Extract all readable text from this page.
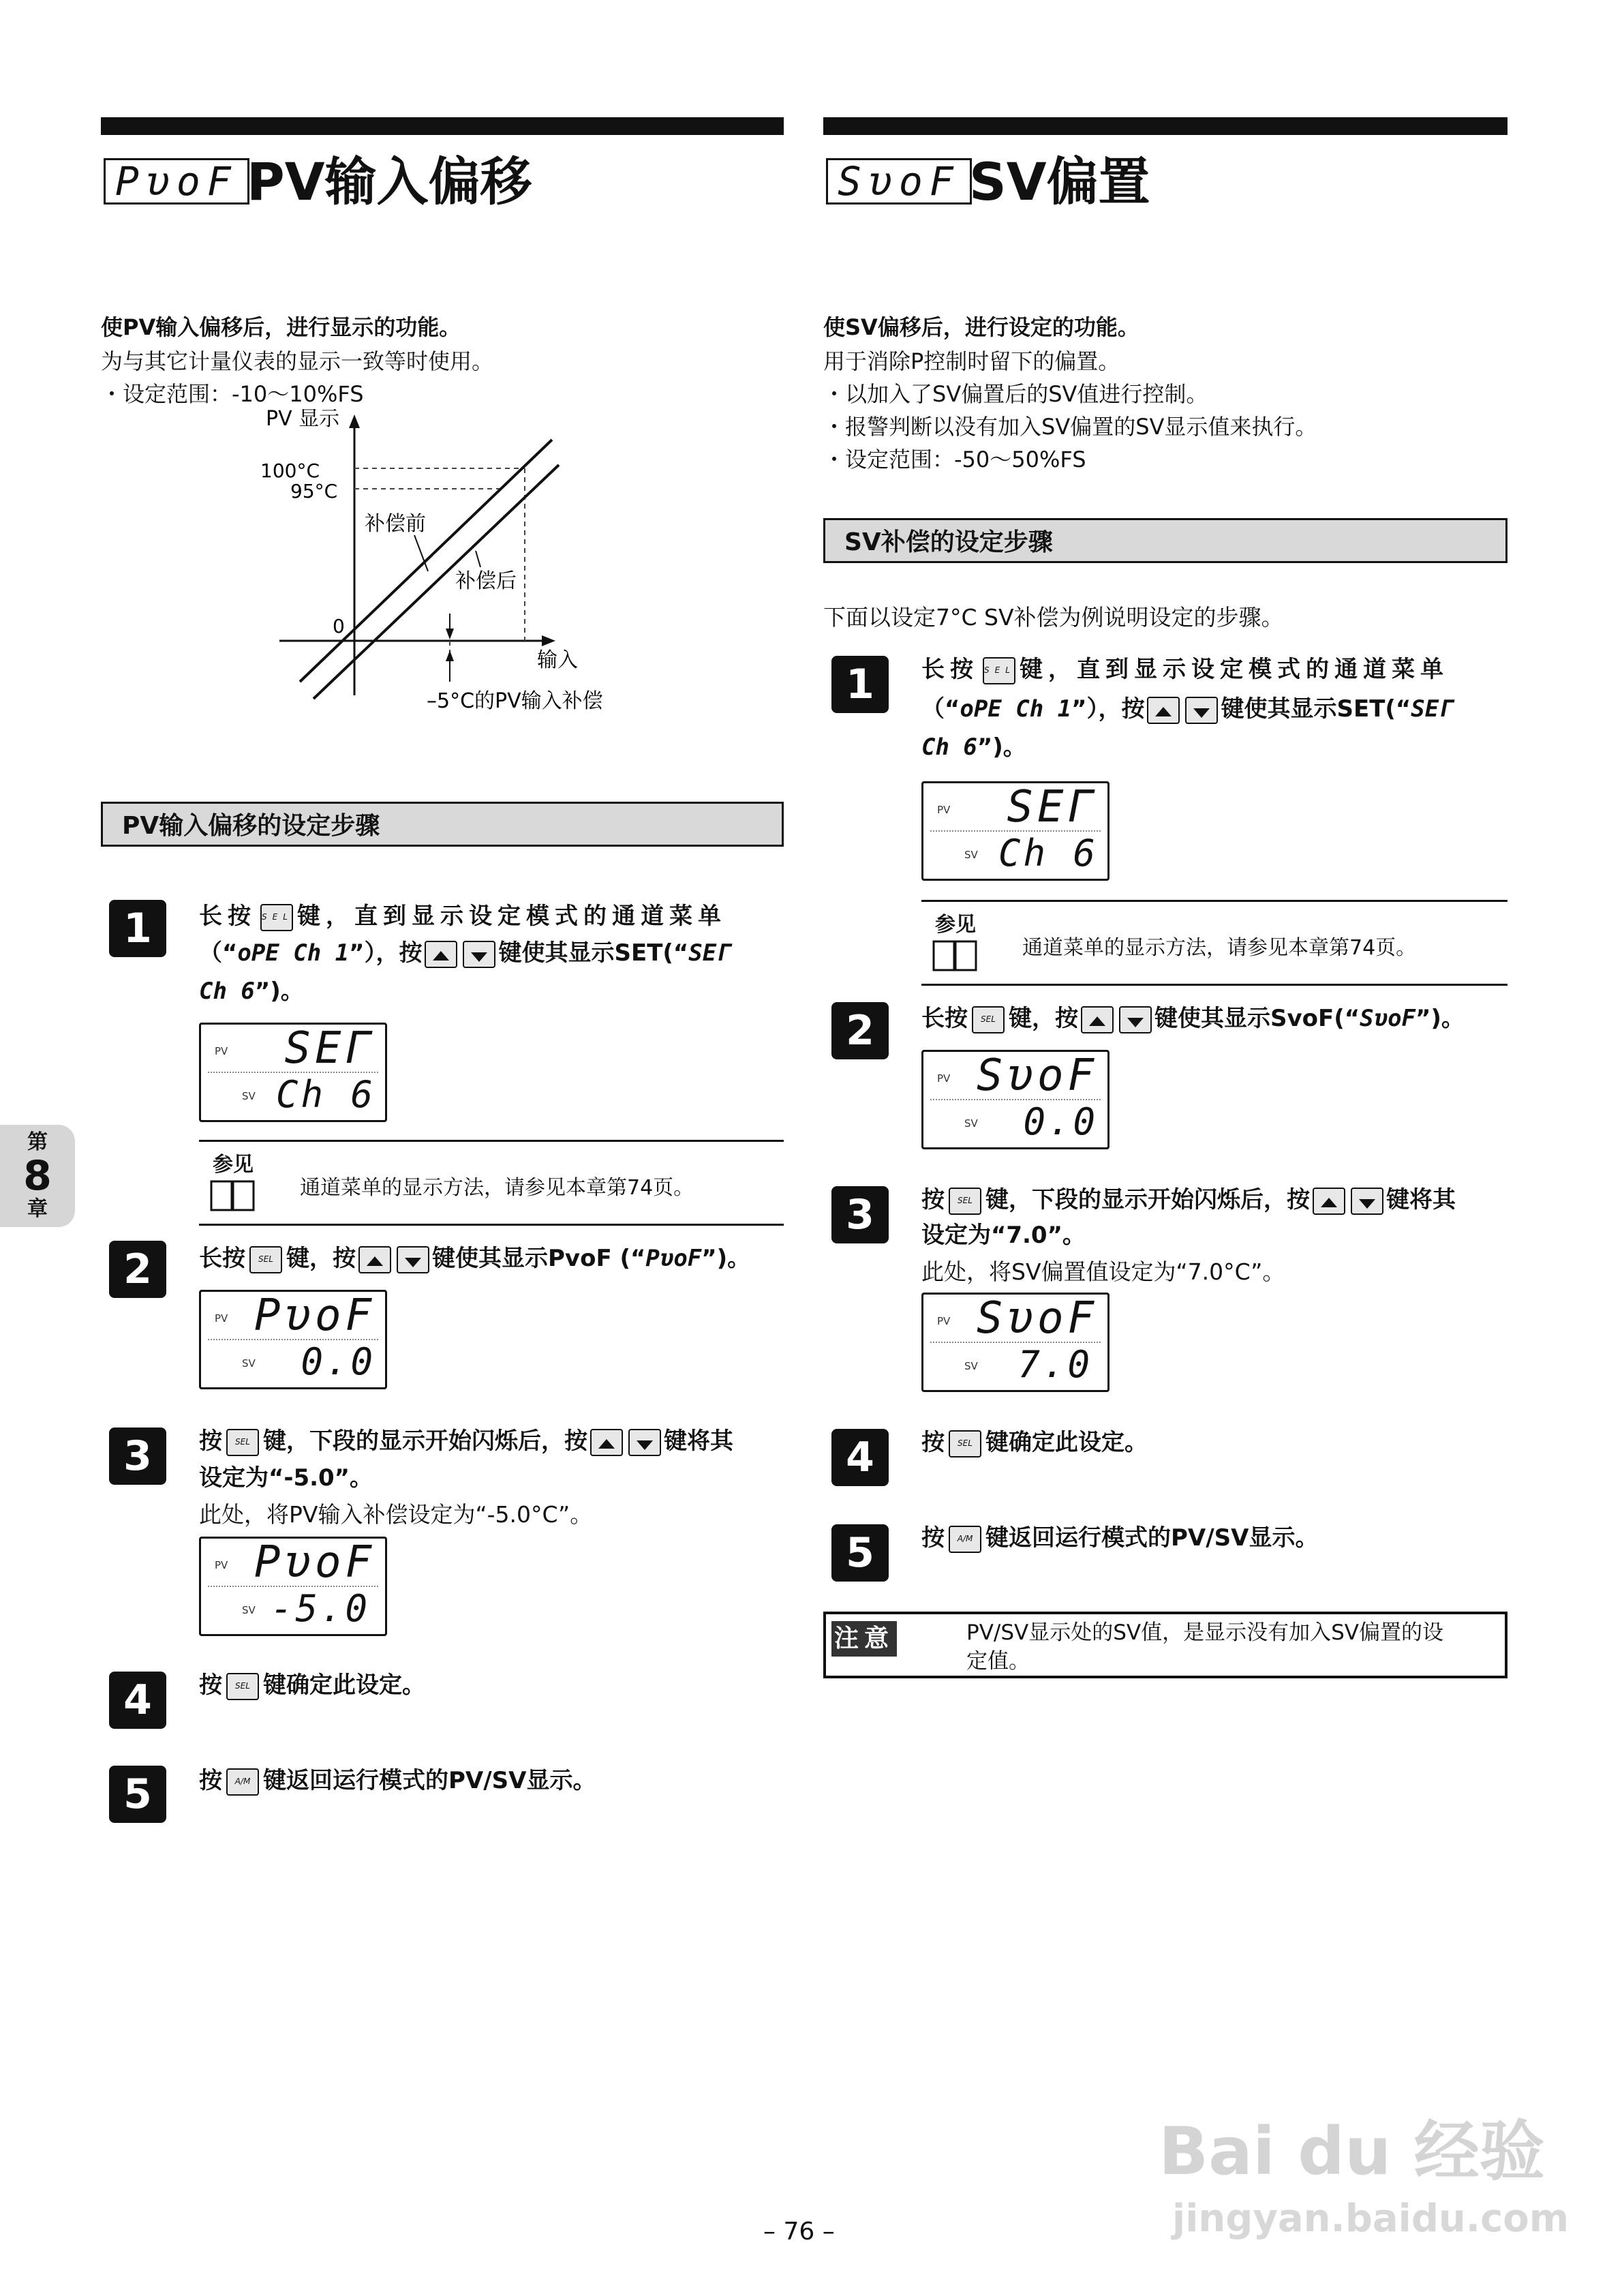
PυoF PV输入偏移
使PV输入偏移后，进行显示的功能。
为与其它计量仪表的显示一致等时使用。
・设定范围：-10～10%FS
PV 显示
100°C
95°C
0
补偿前
补偿后
输入
–5°C的PV输入补偿
PV输入偏移的设定步骤
1	长按 SEL 键，直到显示设定模式的通道菜单
（“oPE Ch 1”），按	键使其显示SET(“SEΓ
Ch 6”)。
PV
SV
SEΓ
Ch 6
参见
通道菜单的显示方法，请参见本章第74页。
2	长按 SEL 键，按	键使其显示PvoF (“PυoF”)。
PV
SV
PυoF
0.0
3	按 SEL 键，下段的显示开始闪烁后，按	键将其
设定为“-5.0”。
此处，将PV输入补偿设定为“-5.0°C”。
PV
SV
PυoF
-5.0
4	按 SEL 键确定此设定。
5	按 A/M 键返回运行模式的PV/SV显示。
SυoF SV偏置
使SV偏移后，进行设定的功能。
用于消除P控制时留下的偏置。
・以加入了SV偏置后的SV值进行控制。
・报警判断以没有加入SV偏置的SV显示值来执行。
・设定范围：-50～50%FS
SV补偿的设定步骤
下面以设定7°C SV补偿为例说明设定的步骤。
1	长按 SEL 键，直到显示设定模式的通道菜单
（“oPE Ch 1”），按	键使其显示SET(“SEΓ
Ch 6”)。
PV
SV
SEΓ
Ch 6
参见
通道菜单的显示方法，请参见本章第74页。
2	长按 SEL 键，按	键使其显示SvoF(“SυoF”)。
PV
SV
SυoF
0.0
3	按 SEL 键，下段的显示开始闪烁后，按	键将其
设定为“7.0”。
此处，将SV偏置值设定为“7.0°C”。
PV
SV
SυoF
7.0
4	按 SEL 键确定此设定。
5	按 A/M 键返回运行模式的PV/SV显示。
注意	PV/SV显示处的SV值，是显示没有加入SV偏置的设
定值。
第
8
章
– 76 –
Bai du 经验
jingyan.baidu.com
